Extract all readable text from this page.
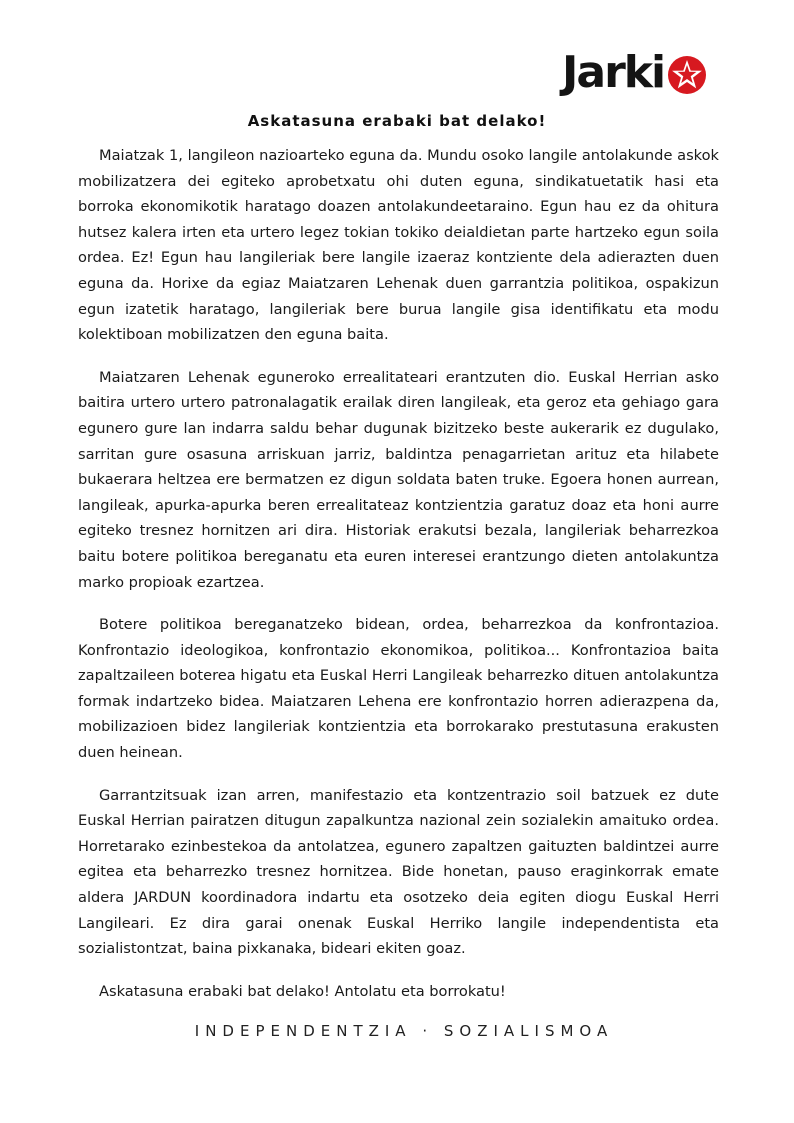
Jarki
Askatasuna erabaki bat delako!

Maiatzak 1, langileon nazioarteko eguna da. Mundu osoko langile antolakunde askok mobilizatzera dei egiteko aprobetxatu ohi duten eguna, sindikatuetatik hasi eta borroka ekonomikotik haratago doazen antolakundeetaraino. Egun hau ez da ohitura hutsez kalera irten eta urtero legez tokian tokiko deialdietan parte hartzeko egun soila ordea. Ez! Egun hau langileriak bere langile izaeraz kontziente dela adierazten duen eguna da. Horixe da egiaz Maiatzaren Lehenak duen garrantzia politikoa, ospakizun egun izatetik haratago, langileriak bere burua langile gisa identifikatu eta modu kolektiboan mobilizatzen den eguna baita.

Maiatzaren Lehenak eguneroko errealitateari erantzuten dio. Euskal Herrian asko baitira urtero urtero patronalagatik erailak diren langileak, eta geroz eta gehiago gara egunero gure lan indarra saldu behar dugunak bizitzeko beste aukerarik ez dugulako, sarritan gure osasuna arriskuan jarriz, baldintza penagarrietan arituz eta hilabete bukaerara heltzea ere bermatzen ez digun soldata baten truke. Egoera honen aurrean, langileak, apurka-apurka beren errealitateaz kontzientzia garatuz doaz eta honi aurre egiteko tresnez hornitzen ari dira. Historiak erakutsi bezala, langileriak beharrezkoa baitu botere politikoa bereganatu eta euren interesei erantzungo dieten antolakuntza marko propioak ezartzea.

Botere politikoa bereganatzeko bidean, ordea, beharrezkoa da konfrontazioa. Konfrontazio ideologikoa, konfrontazio ekonomikoa, politikoa... Konfrontazioa baita zapaltzaileen boterea higatu eta Euskal Herri Langileak beharrezko dituen antolakuntza formak indartzeko bidea. Maiatzaren Lehena ere konfrontazio horren adierazpena da, mobilizazioen bidez langileriak kontzientzia eta borrokarako prestutasuna erakusten duen heinean.

Garrantzitsuak izan arren, manifestazio eta kontzentrazio soil batzuek ez dute Euskal Herrian pairatzen ditugun zapalkuntza nazional zein sozialekin amaituko ordea. Horretarako ezinbestekoa da antolatzea, egunero zapaltzen gaituzten baldintzei aurre egitea eta beharrezko tresnez hornitzea. Bide honetan, pauso eraginkorrak emate aldera JARDUN koordinadora indartu eta osotzeko deia egiten diogu Euskal Herri Langileari. Ez dira garai onenak Euskal Herriko langile independentista eta sozialistontzat, baina pixkanaka, bideari ekiten goaz.

Askatasuna erabaki bat delako! Antolatu eta borrokatu!

INDEPENDENTZIA · SOZIALISMOA
